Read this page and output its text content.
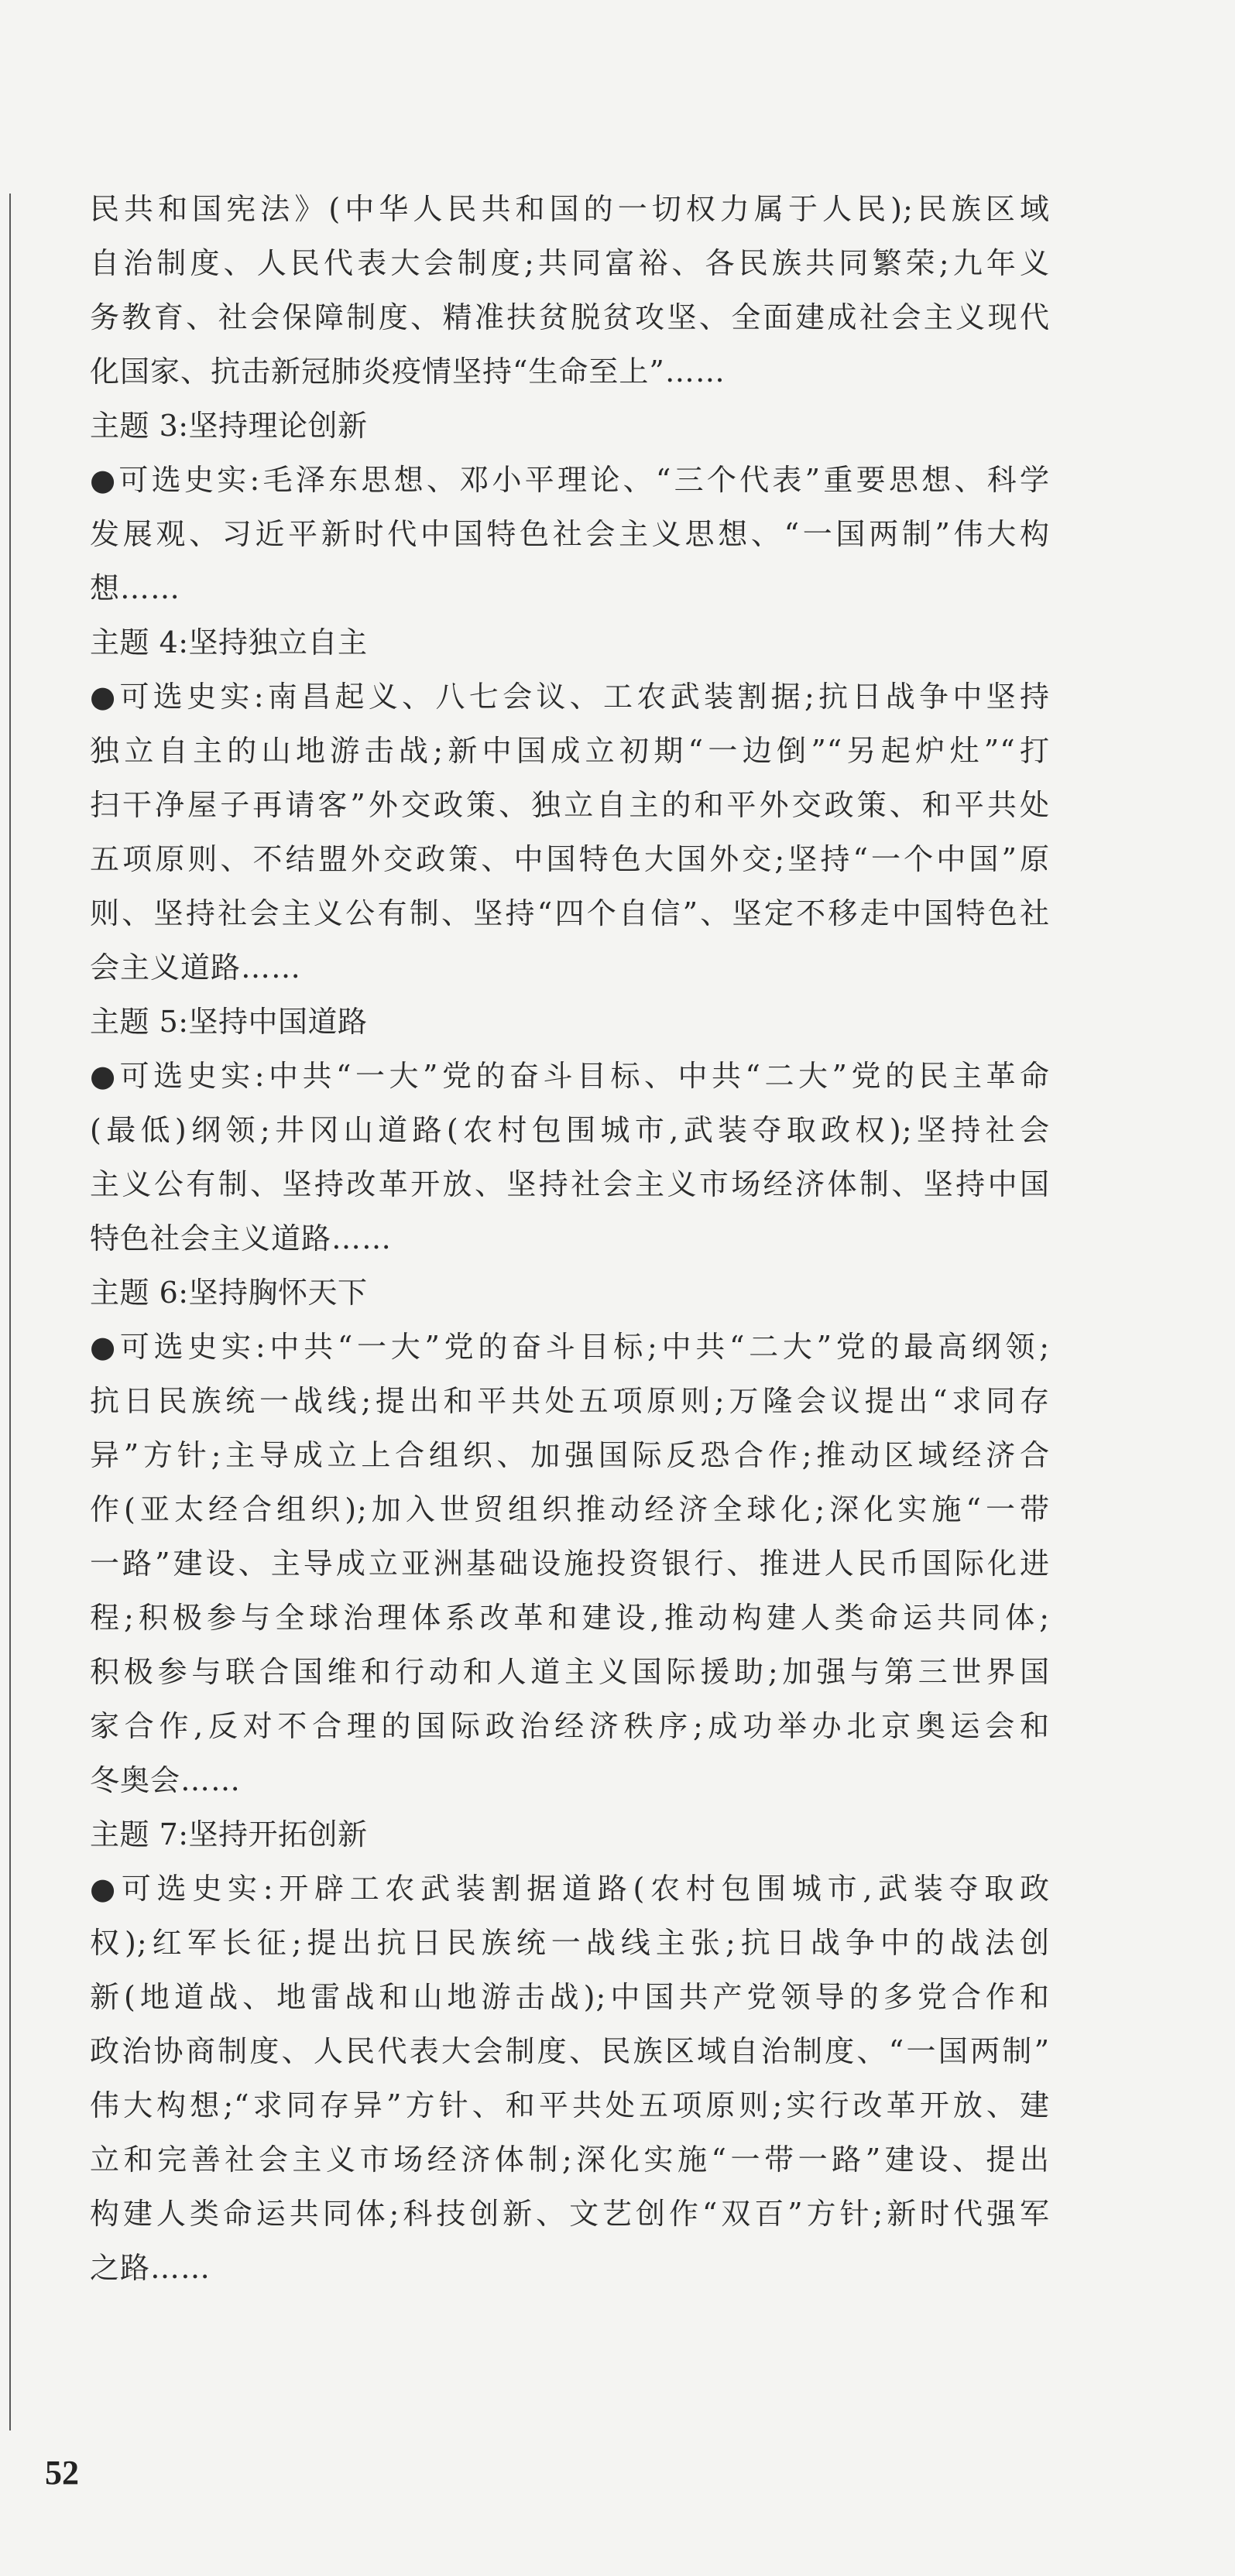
民共和国宪法》(中华人民共和国的一切权力属于人民);民族区域
自治制度、人民代表大会制度;共同富裕、各民族共同繁荣;九年义
务教育、社会保障制度、精准扶贫脱贫攻坚、全面建成社会主义现代
化国家、抗击新冠肺炎疫情坚持“生命至上”……
主题 3:坚持理论创新
●可选史实:毛泽东思想、邓小平理论、“三个代表”重要思想、科学
发展观、习近平新时代中国特色社会主义思想、“一国两制”伟大构
想……
主题 4:坚持独立自主
●可选史实:南昌起义、八七会议、工农武装割据;抗日战争中坚持
独立自主的山地游击战;新中国成立初期“一边倒”“另起炉灶”“打
扫干净屋子再请客”外交政策、独立自主的和平外交政策、和平共处
五项原则、不结盟外交政策、中国特色大国外交;坚持“一个中国”原
则、坚持社会主义公有制、坚持“四个自信”、坚定不移走中国特色社
会主义道路……
主题 5:坚持中国道路
●可选史实:中共“一大”党的奋斗目标、中共“二大”党的民主革命
(最低)纲领;井冈山道路(农村包围城市,武装夺取政权);坚持社会
主义公有制、坚持改革开放、坚持社会主义市场经济体制、坚持中国
特色社会主义道路……
主题 6:坚持胸怀天下
●可选史实:中共“一大”党的奋斗目标;中共“二大”党的最高纲领;
抗日民族统一战线;提出和平共处五项原则;万隆会议提出“求同存
异”方针;主导成立上合组织、加强国际反恐合作;推动区域经济合
作(亚太经合组织);加入世贸组织推动经济全球化;深化实施“一带
一路”建设、主导成立亚洲基础设施投资银行、推进人民币国际化进
程;积极参与全球治理体系改革和建设,推动构建人类命运共同体;
积极参与联合国维和行动和人道主义国际援助;加强与第三世界国
家合作,反对不合理的国际政治经济秩序;成功举办北京奥运会和
冬奥会……
主题 7:坚持开拓创新
●可选史实:开辟工农武装割据道路(农村包围城市,武装夺取政
权);红军长征;提出抗日民族统一战线主张;抗日战争中的战法创
新(地道战、地雷战和山地游击战);中国共产党领导的多党合作和
政治协商制度、人民代表大会制度、民族区域自治制度、“一国两制”
伟大构想;“求同存异”方针、和平共处五项原则;实行改革开放、建
立和完善社会主义市场经济体制;深化实施“一带一路”建设、提出
构建人类命运共同体;科技创新、文艺创作“双百”方针;新时代强军
之路……
52
